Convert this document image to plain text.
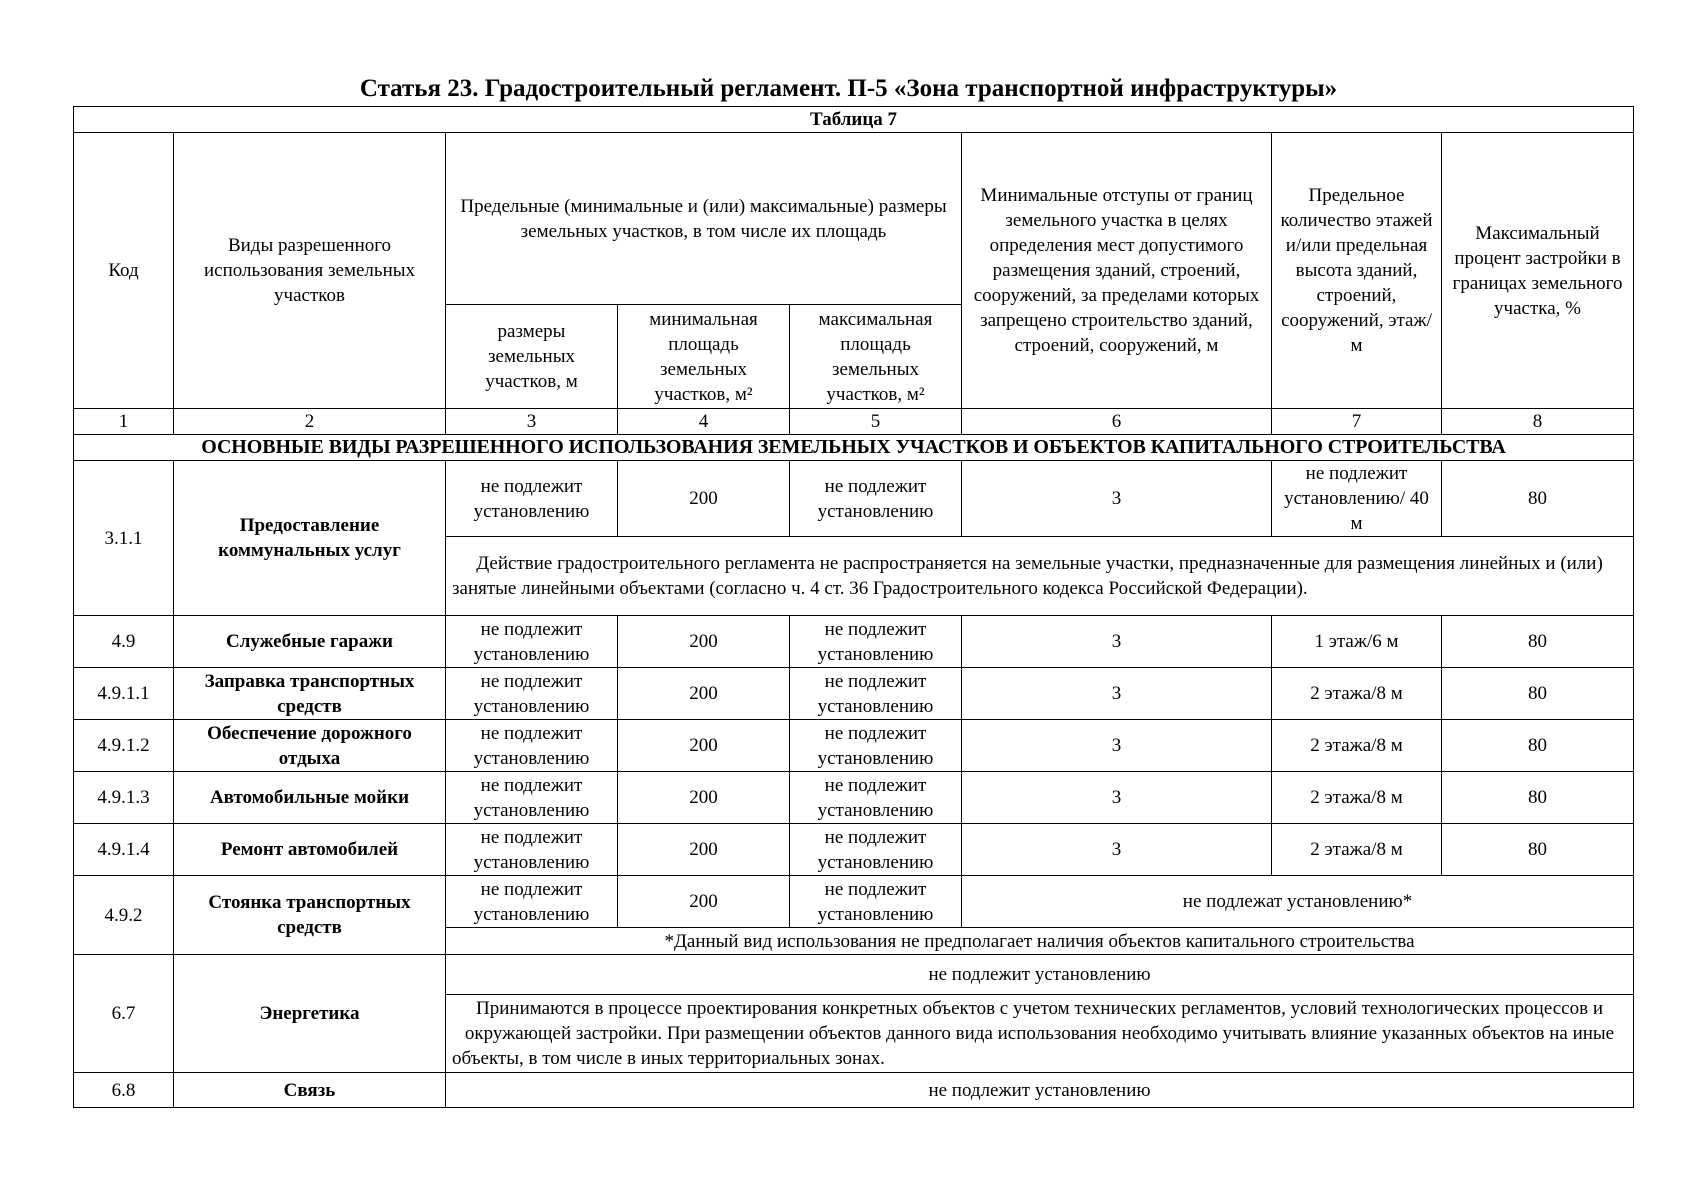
Статья 23. Градостроительный регламент. П-5 «Зона транспортной инфраструктуры»
Таблица 7							
Код	Виды разрешенного использования земельных участков	Предельные (минимальные и (или) максимальные) размеры земельных участков, в том числе их площадь			Минимальные отступы от границ земельного участка в целях определения мест допустимого размещения зданий, строений, сооружений, за пределами которых запрещено строительство зданий, строений, сооружений, м	Предельное количество этажей и/или предельная высота зданий, строений, сооружений, этаж/м	Максимальный процент застройки в границах земельного участка, %
		размеры земельных участков, м	минимальная площадь земельных участков, м²	максимальная площадь земельных участков, м²			
1	2	3	4	5	6	7	8
ОСНОВНЫЕ ВИДЫ РАЗРЕШЕННОГО ИСПОЛЬЗОВАНИЯ ЗЕМЕЛЬНЫХ УЧАСТКОВ И ОБЪЕКТОВ КАПИТАЛЬНОГО СТРОИТЕЛЬСТВА							
3.1.1	Предоставление коммунальных услуг	не подлежит установлению	200	не подлежит установлению	3	не подлежит установлению/ 40 м	80
		Действие градостроительного регламента не распространяется на земельные участки, предназначенные для размещения линейных и (или) занятые линейными объектами (согласно ч. 4 ст. 36 Градостроительного кодекса Российской Федерации).					
4.9	Служебные гаражи	не подлежит установлению	200	не подлежит установлению	3	1 этаж/6 м	80
4.9.1.1	Заправка транспортных средств	не подлежит установлению	200	не подлежит установлению	3	2 этажа/8 м	80
4.9.1.2	Обеспечение дорожного отдыха	не подлежит установлению	200	не подлежит установлению	3	2 этажа/8 м	80
4.9.1.3	Автомобильные мойки	не подлежит установлению	200	не подлежит установлению	3	2 этажа/8 м	80
4.9.1.4	Ремонт автомобилей	не подлежит установлению	200	не подлежит установлению	3	2 этажа/8 м	80
4.9.2	Стоянка транспортных средств	не подлежит установлению	200	не подлежит установлению	не подлежат установлению*		
		*Данный вид использования не предполагает наличия объектов капитального строительства					
6.7	Энергетика	не подлежит установлению					
		Принимаются в процессе проектирования конкретных объектов с учетом технических регламентов, условий технологических процессов и окружающей застройки. При размещении объектов данного вида использования необходимо учитывать влияние указанных объектов на иные объекты, в том числе в иных территориальных зонах.					
6.8	Связь	не подлежит установлению					
